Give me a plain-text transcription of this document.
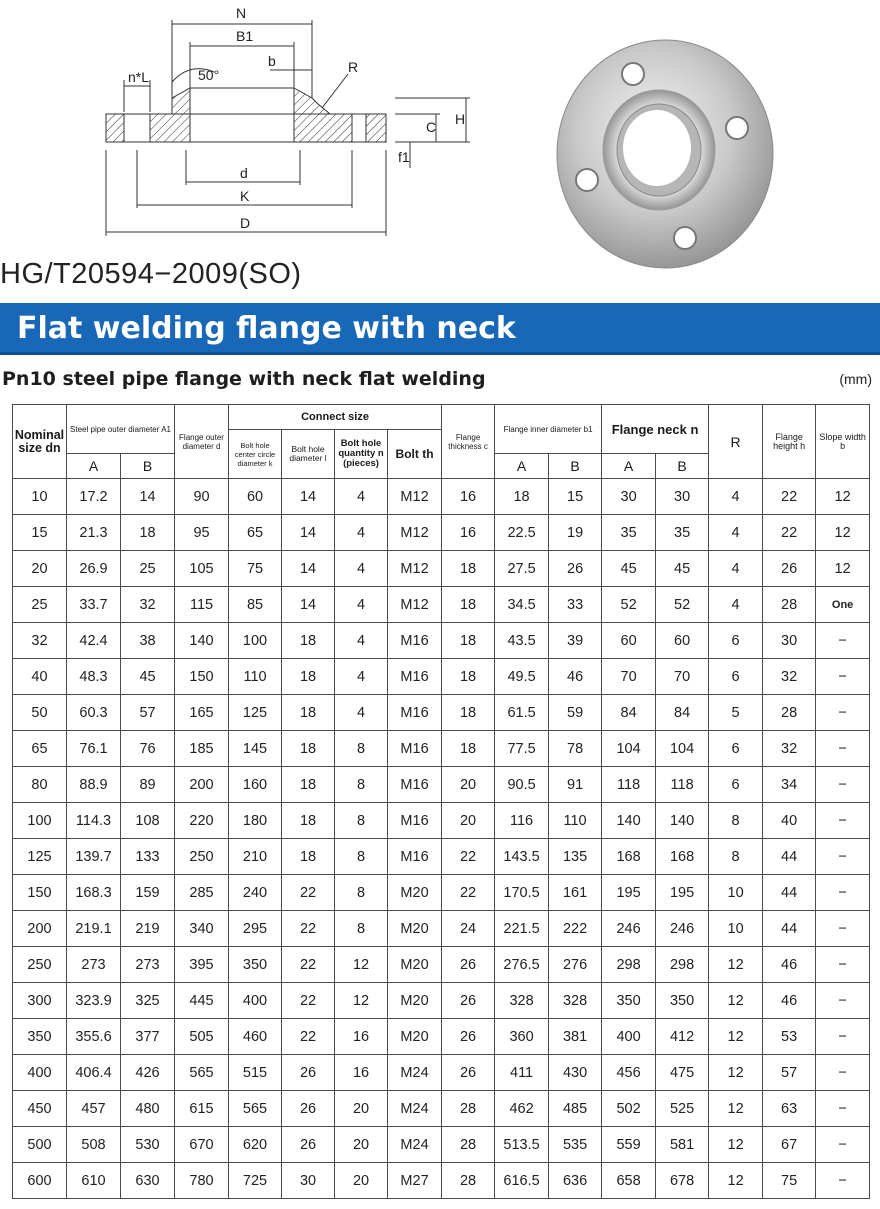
N
B1
b	R
50°
n*L
C H
f1
d
K
D
HG/T20594−2009(SO)
Flat welding flange with neck
Pn10 steel pipe flange with neck flat welding	(mm)
Nominal size dn	Steel pipe outer diameter A1		Flange outer diameter d	Connect size				Flange thickness c	Flange inner diameter b1		Flange neck n		R	Flange height h	Slope width b
				Bolt hole center circle diameter k	Bolt hole diameter l	Bolt hole quantity n (pieces)	Bolt th								
	A	B							A	B	A	B			
10	17.2	14	90	60	14	4	M12	16	18	15	30	30	4	22	12
15	21.3	18	95	65	14	4	M12	16	22.5	19	35	35	4	22	12
20	26.9	25	105	75	14	4	M12	18	27.5	26	45	45	4	26	12
25	33.7	32	115	85	14	4	M12	18	34.5	33	52	52	4	28	One
32	42.4	38	140	100	18	4	M16	18	43.5	39	60	60	6	30	−
40	48.3	45	150	110	18	4	M16	18	49.5	46	70	70	6	32	−
50	60.3	57	165	125	18	4	M16	18	61.5	59	84	84	5	28	−
65	76.1	76	185	145	18	8	M16	18	77.5	78	104	104	6	32	−
80	88.9	89	200	160	18	8	M16	20	90.5	91	118	118	6	34	−
100	114.3	108	220	180	18	8	M16	20	116	110	140	140	8	40	−
125	139.7	133	250	210	18	8	M16	22	143.5	135	168	168	8	44	−
150	168.3	159	285	240	22	8	M20	22	170.5	161	195	195	10	44	−
200	219.1	219	340	295	22	8	M20	24	221.5	222	246	246	10	44	−
250	273	273	395	350	22	12	M20	26	276.5	276	298	298	12	46	−
300	323.9	325	445	400	22	12	M20	26	328	328	350	350	12	46	−
350	355.6	377	505	460	22	16	M20	26	360	381	400	412	12	53	−
400	406.4	426	565	515	26	16	M24	26	411	430	456	475	12	57	−
450	457	480	615	565	26	20	M24	28	462	485	502	525	12	63	−
500	508	530	670	620	26	20	M24	28	513.5	535	559	581	12	67	−
600	610	630	780	725	30	20	M27	28	616.5	636	658	678	12	75	−
